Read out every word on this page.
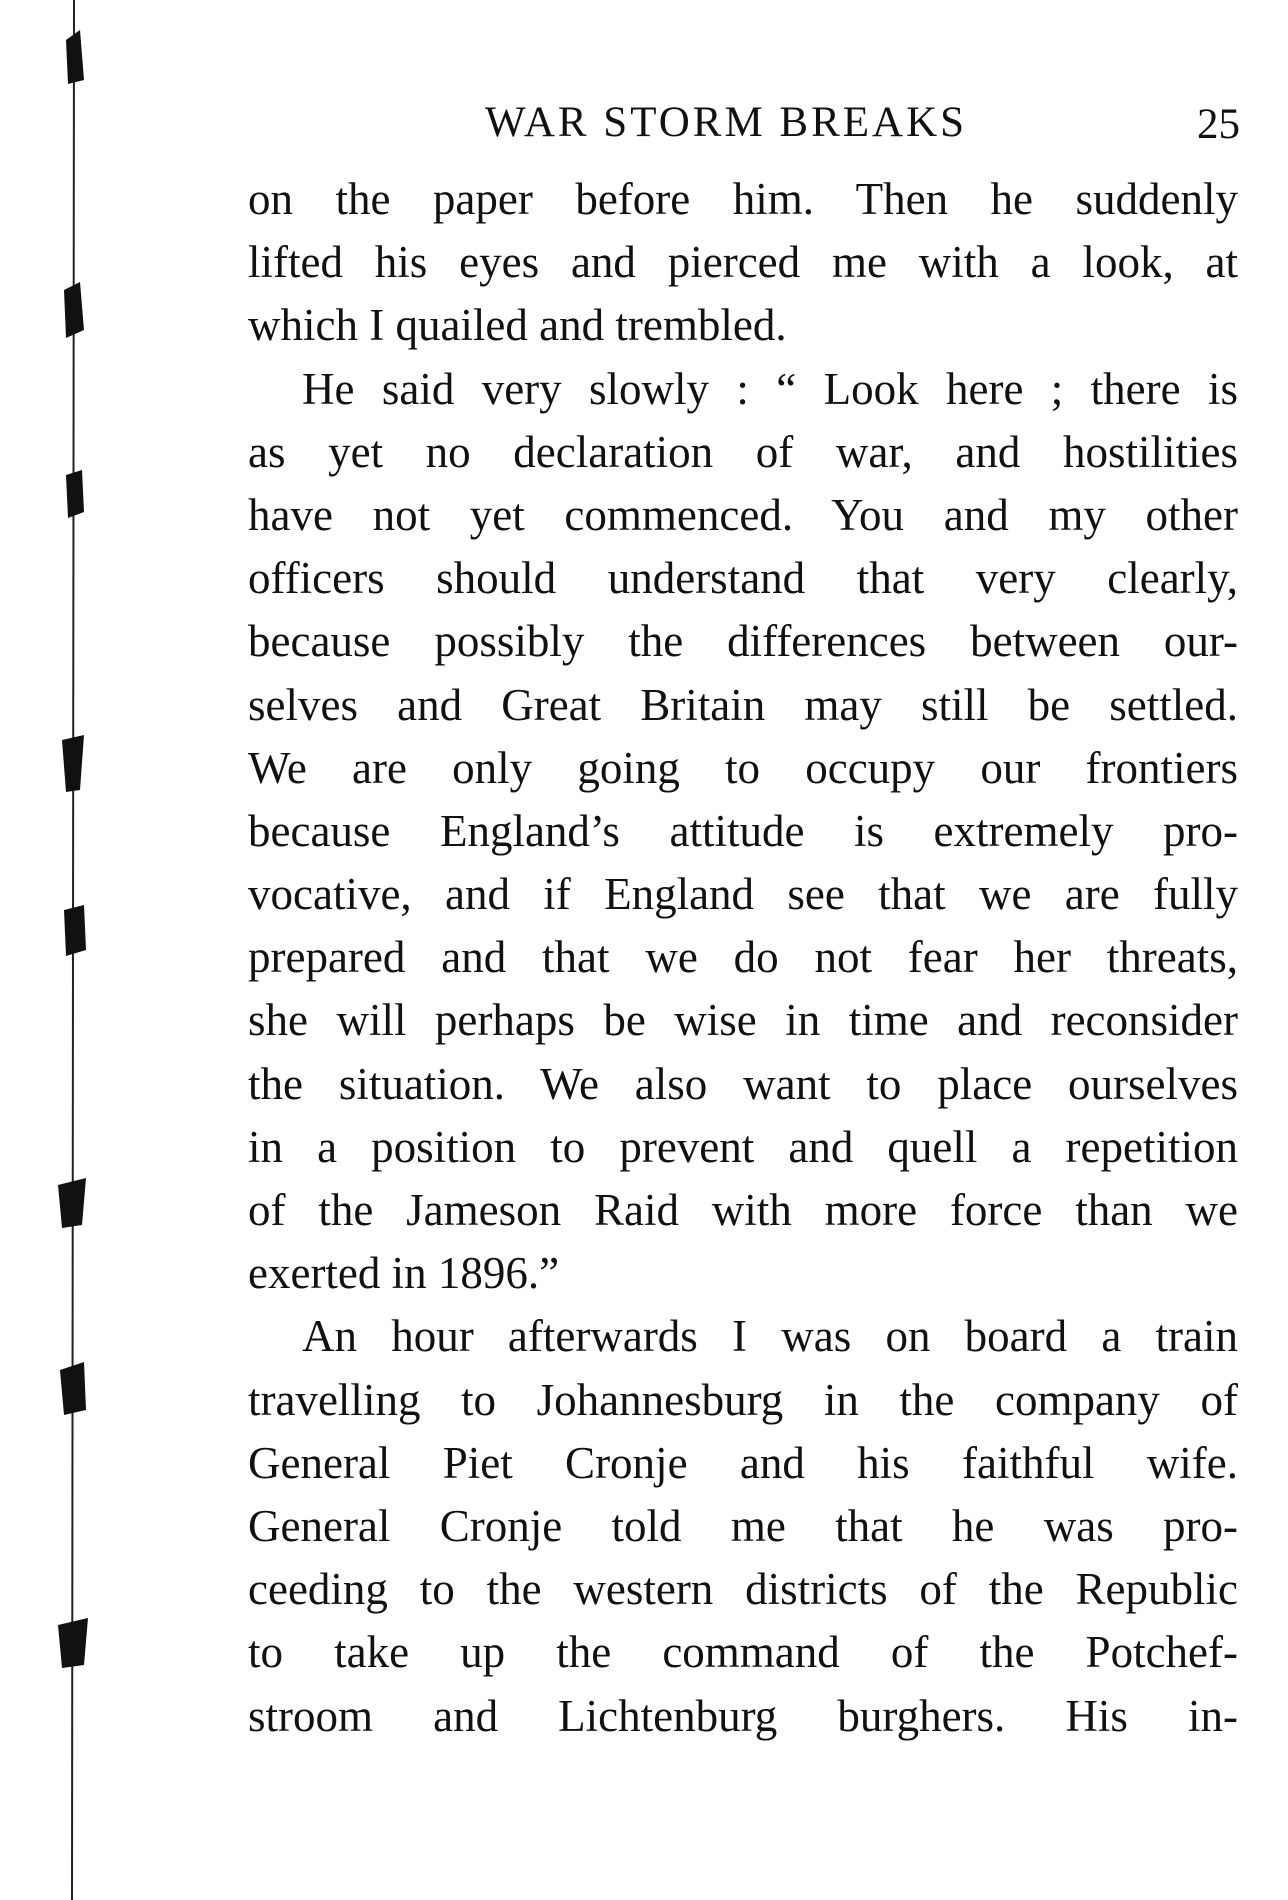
WAR STORM BREAKS	25
on the paper before him. Then he suddenly
lifted his eyes and pierced me with a look, at
which I quailed and trembled.
He said very slowly : “ Look here ; there is
as yet no declaration of war, and hostilities
have not yet commenced. You and my other
officers should understand that very clearly,
because possibly the differences between our-
selves and Great Britain may still be settled.
We are only going to occupy our frontiers
because England’s attitude is extremely pro-
vocative, and if England see that we are fully
prepared and that we do not fear her threats,
she will perhaps be wise in time and reconsider
the situation. We also want to place ourselves
in a position to prevent and quell a repetition
of the Jameson Raid with more force than we
exerted in 1896.”
An hour afterwards I was on board a train
travelling to Johannesburg in the company of
General Piet Cronje and his faithful wife.
General Cronje told me that he was pro-
ceeding to the western districts of the Republic
to take up the command of the Potchef-
stroom and Lichtenburg burghers. His in-
